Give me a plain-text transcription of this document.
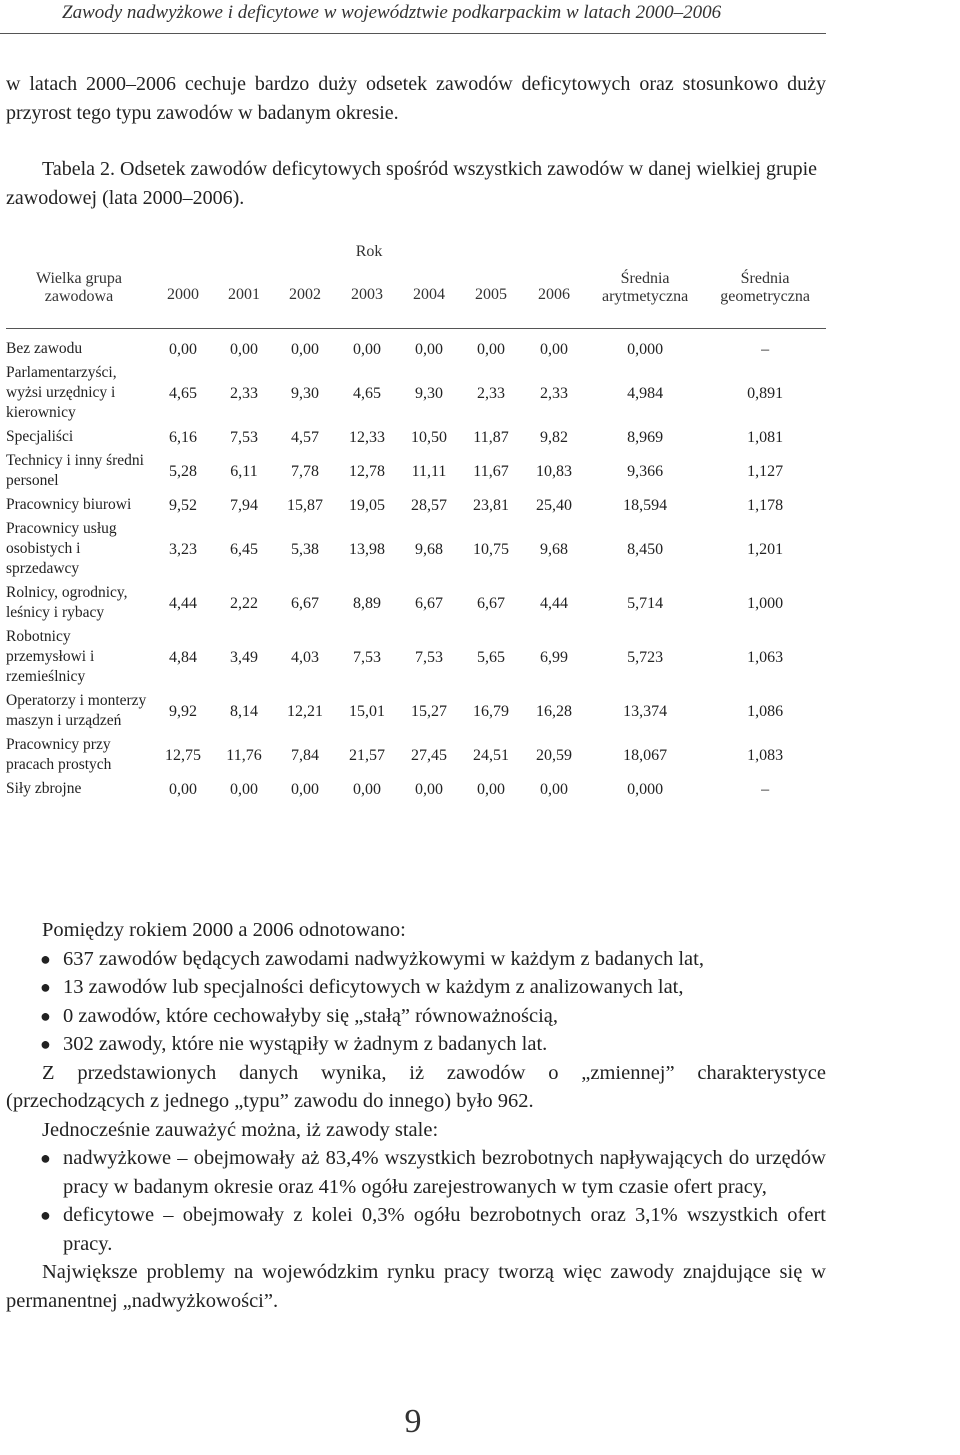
Zawody nadwyżkowe i deficytowe w województwie podkarpackim w latach 2000–2006
w latach 2000–2006 cechuje bardzo duży odsetek zawodów deficytowych oraz stosunkowo duży przyrost tego typu zawodów w badanym okresie.
Tabela 2. Odsetek zawodów deficytowych spośród wszystkich zawodów w danej wielkiej grupie zawodowej (lata 2000–2006).
	Rok								
Wielka grupa zawodowa	2000	2001	2002	2003	2004	2005	2006	Średnia arytmetyczna	Średnia geometryczna
Bez zawodu	0,00	0,00	0,00	0,00	0,00	0,00	0,00	0,000	–
Parlamentarzyści, wyżsi urzędnicy i kierownicy	4,65	2,33	9,30	4,65	9,30	2,33	2,33	4,984	0,891
Specjaliści	6,16	7,53	4,57	12,33	10,50	11,87	9,82	8,969	1,081
Technicy i inny średni personel	5,28	6,11	7,78	12,78	11,11	11,67	10,83	9,366	1,127
Pracownicy biurowi	9,52	7,94	15,87	19,05	28,57	23,81	25,40	18,594	1,178
Pracownicy usług osobistych i sprzedawcy	3,23	6,45	5,38	13,98	9,68	10,75	9,68	8,450	1,201
Rolnicy, ogrodnicy, leśnicy i rybacy	4,44	2,22	6,67	8,89	6,67	6,67	4,44	5,714	1,000
Robotnicy przemysłowi i rzemieślnicy	4,84	3,49	4,03	7,53	7,53	5,65	6,99	5,723	1,063
Operatorzy i monterzy maszyn i urządzeń	9,92	8,14	12,21	15,01	15,27	16,79	16,28	13,374	1,086
Pracownicy przy pracach prostych	12,75	11,76	7,84	21,57	27,45	24,51	20,59	18,067	1,083
Siły zbrojne	0,00	0,00	0,00	0,00	0,00	0,00	0,00	0,000	–

Pomiędzy rokiem 2000 a 2006 odnotowano:

● 637 zawodów będących zawodami nadwyżkowymi w każdym z badanych lat,
● 13 zawodów lub specjalności deficytowych w każdym z analizowanych lat,
● 0 zawodów, które cechowałyby się „stałą” równoważnością,
● 302 zawody, które nie wystąpiły w żadnym z badanych lat.

Z przedstawionych danych wynika, iż zawodów o „zmiennej” charakterystyce (przechodzących z jednego „typu” zawodu do innego) było 962.

Jednocześnie zauważyć można, iż zawody stale:

● nadwyżkowe – obejmowały aż 83,4% wszystkich bezrobotnych napływających do urzędów pracy w badanym okresie oraz 41% ogółu zarejestrowanych w tym czasie ofert pracy,
● deficytowe – obejmowały z kolei 0,3% ogółu bezrobotnych oraz 3,1% wszystkich ofert pracy.

Największe problemy na wojewódzkim rynku pracy tworzą więc zawody znajdujące się w permanentnej „nadwyżkowości”.

9
